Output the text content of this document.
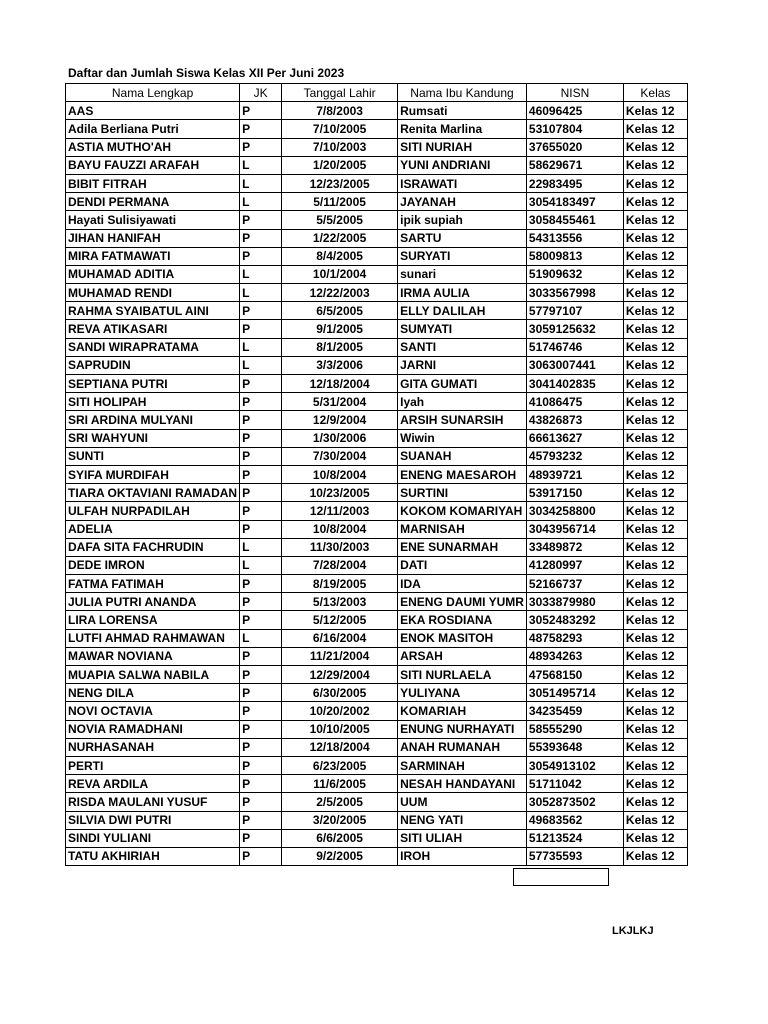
Daftar dan Jumlah Siswa Kelas XII Per Juni 2023
Nama Lengkap	JK	Tanggal Lahir	Nama Ibu Kandung	NISN	Kelas
AAS	P	7/8/2003	Rumsati	46096425	Kelas 12
Adila Berliana Putri	P	7/10/2005	Renita Marlina	53107804	Kelas 12
ASTIA MUTHO'AH	P	7/10/2003	SITI NURIAH	37655020	Kelas 12
BAYU FAUZZI ARAFAH	L	1/20/2005	YUNI ANDRIANI	58629671	Kelas 12
BIBIT FITRAH	L	12/23/2005	ISRAWATI	22983495	Kelas 12
DENDI PERMANA	L	5/11/2005	JAYANAH	3054183497	Kelas 12
Hayati Sulisiyawati	P	5/5/2005	ipik supiah	3058455461	Kelas 12
JIHAN HANIFAH	P	1/22/2005	SARTU	54313556	Kelas 12
MIRA FATMAWATI	P	8/4/2005	SURYATI	58009813	Kelas 12
MUHAMAD ADITIA	L	10/1/2004	sunari	51909632	Kelas 12
MUHAMAD RENDI	L	12/22/2003	IRMA AULIA	3033567998	Kelas 12
RAHMA SYAIBATUL AINI	P	6/5/2005	ELLY DALILAH	57797107	Kelas 12
REVA ATIKASARI	P	9/1/2005	SUMYATI	3059125632	Kelas 12
SANDI WIRAPRATAMA	L	8/1/2005	SANTI	51746746	Kelas 12
SAPRUDIN	L	3/3/2006	JARNI	3063007441	Kelas 12
SEPTIANA PUTRI	P	12/18/2004	GITA GUMATI	3041402835	Kelas 12
SITI HOLIPAH	P	5/31/2004	Iyah	41086475	Kelas 12
SRI ARDINA MULYANI	P	12/9/2004	ARSIH SUNARSIH	43826873	Kelas 12
SRI WAHYUNI	P	1/30/2006	Wiwin	66613627	Kelas 12
SUNTI	P	7/30/2004	SUANAH	45793232	Kelas 12
SYIFA MURDIFAH	P	10/8/2004	ENENG MAESAROH	48939721	Kelas 12
TIARA OKTAVIANI RAMADAN	P	10/23/2005	SURTINI	53917150	Kelas 12
ULFAH NURPADILAH	P	12/11/2003	KOKOM KOMARIYAH	3034258800	Kelas 12
ADELIA	P	10/8/2004	MARNISAH	3043956714	Kelas 12
DAFA SITA FACHRUDIN	L	11/30/2003	ENE SUNARMAH	33489872	Kelas 12
DEDE IMRON	L	7/28/2004	DATI	41280997	Kelas 12
FATMA FATIMAH	P	8/19/2005	IDA	52166737	Kelas 12
JULIA PUTRI ANANDA	P	5/13/2003	ENENG DAUMI YUMR	3033879980	Kelas 12
LIRA LORENSA	P	5/12/2005	EKA ROSDIANA	3052483292	Kelas 12
LUTFI AHMAD RAHMAWAN	L	6/16/2004	ENOK MASITOH	48758293	Kelas 12
MAWAR NOVIANA	P	11/21/2004	ARSAH	48934263	Kelas 12
MUAPIA SALWA NABILA	P	12/29/2004	SITI NURLAELA	47568150	Kelas 12
NENG DILA	P	6/30/2005	YULIYANA	3051495714	Kelas 12
NOVI OCTAVIA	P	10/20/2002	KOMARIAH	34235459	Kelas 12
NOVIA RAMADHANI	P	10/10/2005	ENUNG NURHAYATI	58555290	Kelas 12
NURHASANAH	P	12/18/2004	ANAH RUMANAH	55393648	Kelas 12
PERTI	P	6/23/2005	SARMINAH	3054913102	Kelas 12
REVA ARDILA	P	11/6/2005	NESAH HANDAYANI	51711042	Kelas 12
RISDA MAULANI YUSUF	P	2/5/2005	UUM	3052873502	Kelas 12
SILVIA DWI PUTRI	P	3/20/2005	NENG YATI	49683562	Kelas 12
SINDI YULIANI	P	6/6/2005	SITI ULIAH	51213524	Kelas 12
TATU AKHIRIAH	P	9/2/2005	IROH	57735593	Kelas 12
LKJLKJ
